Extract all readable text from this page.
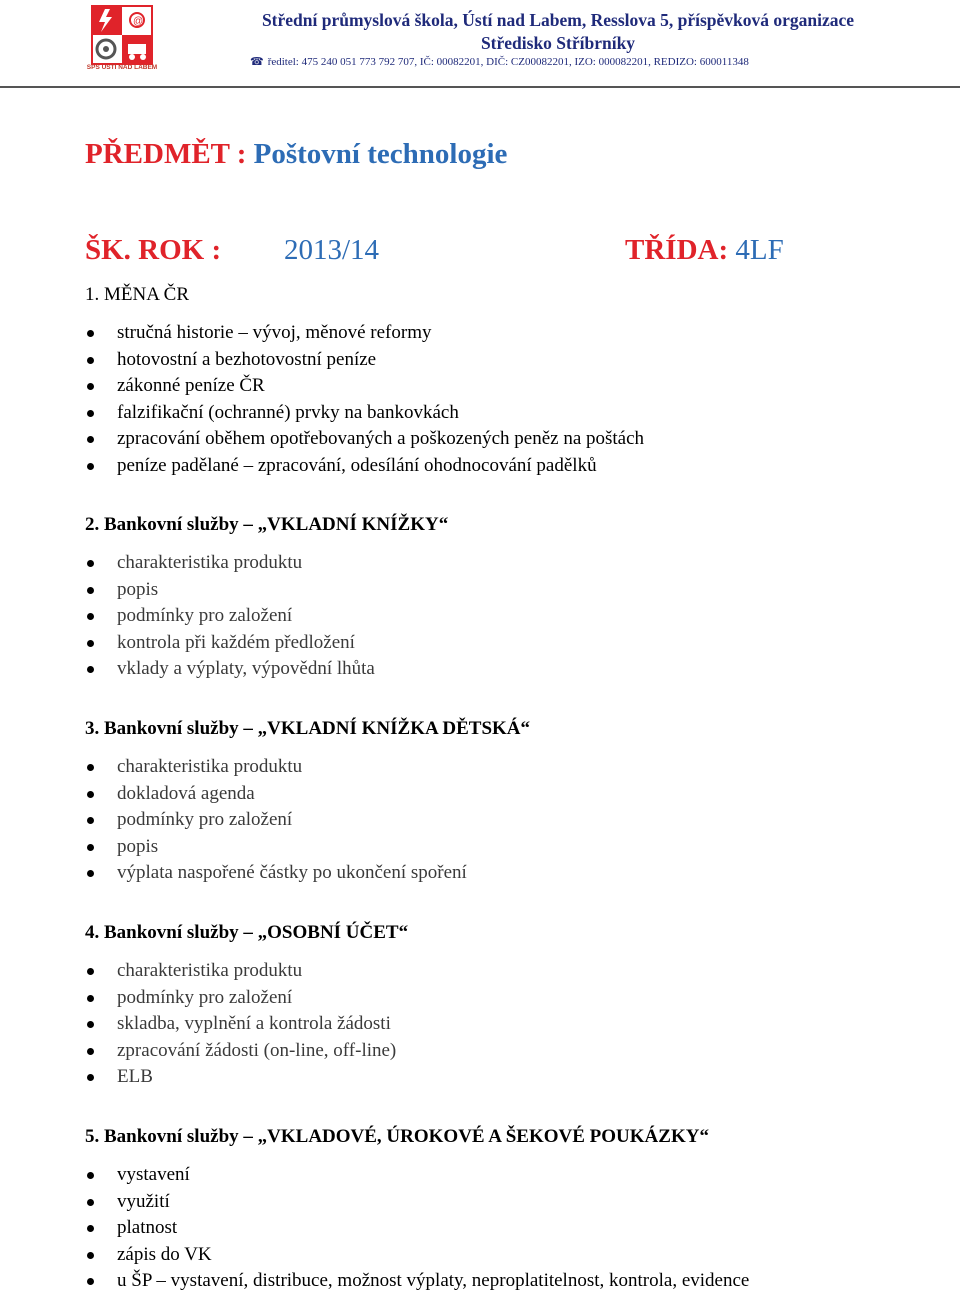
@
SPŠ ÚSTÍ NAD LABEM
Střední průmyslová škola, Ústí nad Labem, Resslova 5, příspěvková organizace
Středisko Stříbrníky
☎ ředitel: 475 240 051 773 792 707, IČ: 00082201, DIČ: CZ00082201, IZO: 000082201, REDIZO: 600011348
PŘEDMĚT : Poštovní technologie
ŠK. ROK : 2013/14	TŘÍDA: 4LF
1. MĚNA ČR
stručná historie – vývoj, měnové reformy
hotovostní a bezhotovostní peníze
zákonné peníze ČR
falzifikační (ochranné) prvky na bankovkách
zpracování oběhem opotřebovaných a poškozených peněz na poštách
peníze padělané – zpracování, odesílání ohodnocování padělků
2. Bankovní služby – „VKLADNÍ KNÍŽKY“
charakteristika produktu
popis
podmínky pro založení
kontrola při každém předložení
vklady a výplaty, výpovědní lhůta
3. Bankovní služby – „VKLADNÍ KNÍŽKA DĚTSKÁ“
charakteristika produktu
dokladová agenda
podmínky pro založení
popis
výplata naspořené částky po ukončení spoření
4. Bankovní služby – „OSOBNÍ ÚČET“
charakteristika produktu
podmínky pro založení
skladba, vyplnění a kontrola žádosti
zpracování žádosti (on-line, off-line)
ELB
5. Bankovní služby – „VKLADOVÉ, ÚROKOVÉ A ŠEKOVÉ POUKÁZKY“
vystavení
využití
platnost
zápis do VK
u ŠP – vystavení, distribuce, možnost výplaty, neproplatitelnost, kontrola, evidence
